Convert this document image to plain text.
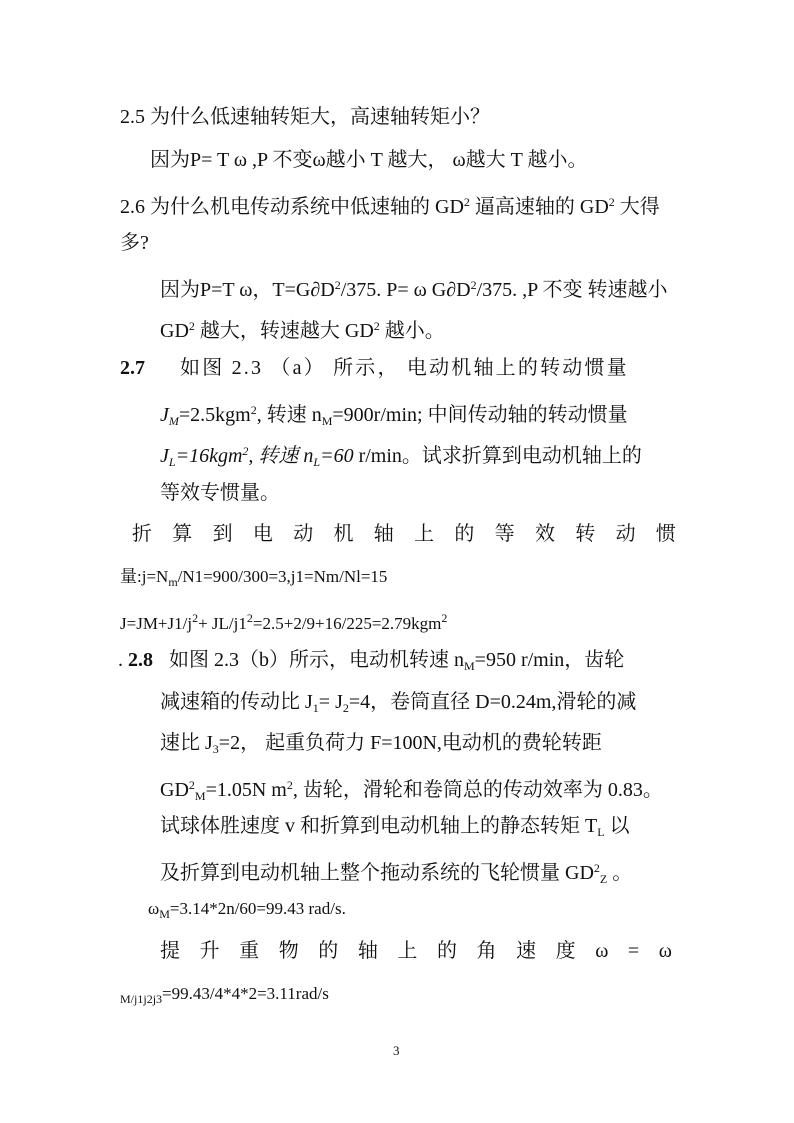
2.5 为什么低速轴转矩大，高速轴转矩小？
因为P= T ω ,P 不变ω越小 T 越大， ω越大 T 越小。
2.6 为什么机电传动系统中低速轴的 $GD^2$ 逼高速轴的 $GD^2$ 大得
多?
因为P=T ω，$T=G\partial D^2/375$. P= ω $G\partial D^2/375$. ,P 不变 转速越小
$GD^2$ 越大，转速越大 $GD^2$ 越小。
2.7 如图 2.3 （a） 所示， 电动机轴上的转动惯量
$J_M=2.5kgm^2$, 转速 $n_M=900r/\min$; 中间传动轴的转动惯量
$J_L=16kgm^2$, 转速 $n_L=60$ r/min。试求折算到电动机轴上的
等效专惯量。
折 算 到 电 动 机 轴 上 的 等 效 转 动 惯
量$:j=N_m/N1=900/300=3,j1=Nm/Nl=15$
$J=JM+J1/j^2+ JL/j1^2=2.5+2/9+16/225=2.79kgm^2$
. 2.8 如图 2.3（b）所示，电动机转速 $n_M=950$ r/min，齿轮
减速箱的传动比 $J_1= J_2=4$，卷筒直径 D=0.24m,滑轮的减
速比 $J_3=2$， 起重负荷力 F=100N,电动机的费轮转距
$GD^2_M=1.05N$ $m^2$, 齿轮，滑轮和卷筒总的传动效率为 0.83。
试球体胜速度 v 和折算到电动机轴上的静态转矩 $T_L$ 以
及折算到电动机轴上整个拖动系统的飞轮惯量 $GD^2_Z$ 。
$\omega_M=3.14*2n/60=99.43$ rad/s.
提 升 重 物 的 轴 上 的 角 速 度 ω = ω
$_{M/j1j2j3}$=99.43/4*4*2=3.11rad/s
3
